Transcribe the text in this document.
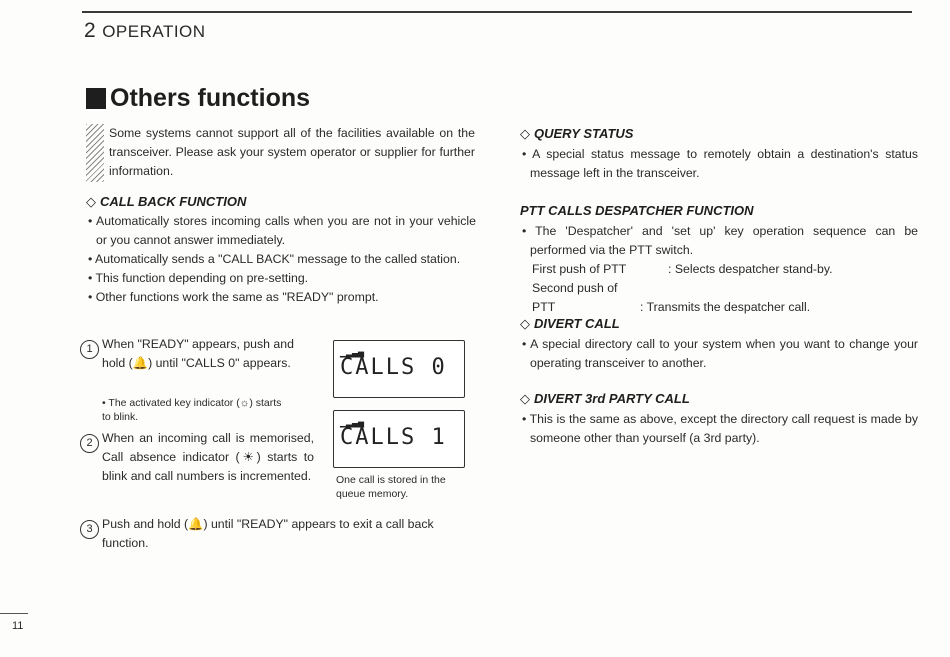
2 OPERATION
Others functions
Some systems cannot support all of the facilities available on the transceiver. Please ask your system operator or supplier for further information.
◇ CALL BACK FUNCTION
• Automatically stores incoming calls when you are not in your vehicle or you cannot answer immediately.
• Automatically sends a "CALL BACK" message to the called station.
• This function depending on pre-setting.
• Other functions work the same as "READY" prompt.
1 When "READY" appears, push and hold (🔔) until "CALLS 0" appears.
• The activated key indicator (☼) starts to blink.
2 When an incoming call is memorised, Call absence indicator (☀) starts to blink and call numbers is incremented.
▁▂▃▄
CALLS 0
▁▂▃▄
CALLS 1
One call is stored in the queue memory.
3 Push and hold (🔔) until "READY" appears to exit a call back function.
◇ QUERY STATUS
• A special status message to remotely obtain a destination's status message left in the transceiver.
PTT CALLS DESPATCHER FUNCTION
• The 'Despatcher' and 'set up' key operation sequence can be performed via the PTT switch.
First push of PTT	: Selects despatcher stand-by.
Second push of PTT	: Transmits the despatcher call.
◇ DIVERT CALL
• A special directory call to your system when you want to change your operating transceiver to another.
◇ DIVERT 3rd PARTY CALL
• This is the same as above, except the directory call request is made by someone other than yourself (a 3rd party).
11
